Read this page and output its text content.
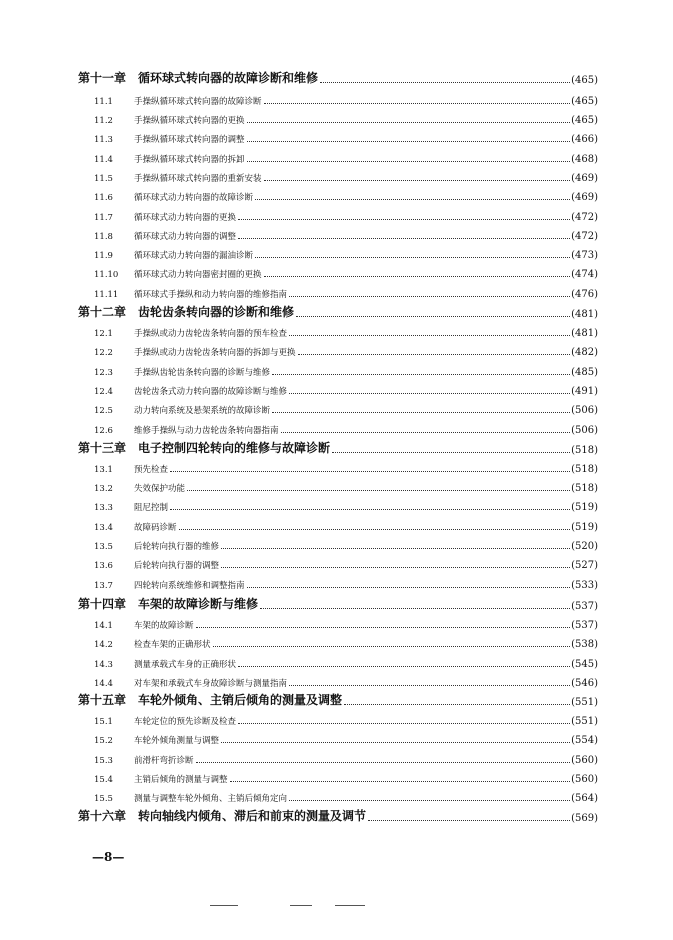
第十一章 循环球式转向器的故障诊断和维修	(465)
11.1	手操纵循环球式转向器的故障诊断	(465)
11.2	手操纵循环球式转向器的更换	(465)
11.3	手操纵循环球式转向器的调整	(466)
11.4	手操纵循环球式转向器的拆卸	(468)
11.5	手操纵循环球式转向器的重新安装	(469)
11.6	循环球式动力转向器的故障诊断	(469)
11.7	循环球式动力转向器的更换	(472)
11.8	循环球式动力转向器的调整	(472)
11.9	循环球式动力转向器的漏油诊断	(473)
11.10	循环球式动力转向器密封圈的更换	(474)
11.11	循环球式手操纵和动力转向器的维修指南	(476)
第十二章 齿轮齿条转向器的诊断和维修	(481)
12.1	手操纵或动力齿轮齿条转向器的预车检查	(481)
12.2	手操纵或动力齿轮齿条转向器的拆卸与更换	(482)
12.3	手操纵齿轮齿条转向器的诊断与维修	(485)
12.4	齿轮齿条式动力转向器的故障诊断与维修	(491)
12.5	动力转向系统及悬架系统的故障诊断	(506)
12.6	维修手操纵与动力齿轮齿条转向器指南	(506)
第十三章 电子控制四轮转向的维修与故障诊断	(518)
13.1	预先检查	(518)
13.2	失效保护功能	(518)
13.3	阻尼控制	(519)
13.4	故障码诊断	(519)
13.5	后轮转向执行器的维修	(520)
13.6	后轮转向执行器的调整	(527)
13.7	四轮转向系统维修和调整指南	(533)
第十四章 车架的故障诊断与维修	(537)
14.1	车架的故障诊断	(537)
14.2	检查车架的正确形状	(538)
14.3	测量承载式车身的正确形状	(545)
14.4	对车架和承载式车身故障诊断与测量指南	(546)
第十五章 车轮外倾角、主销后倾角的测量及调整	(551)
15.1	车轮定位的预先诊断及检查	(551)
15.2	车轮外倾角测量与调整	(554)
15.3	前滑杆弯折诊断	(560)
15.4	主销后倾角的测量与调整	(560)
15.5	测量与调整车轮外倾角、主销后倾角定向	(564)
第十六章 转向轴线内倾角、滞后和前束的测量及调节	(569)
—8—
